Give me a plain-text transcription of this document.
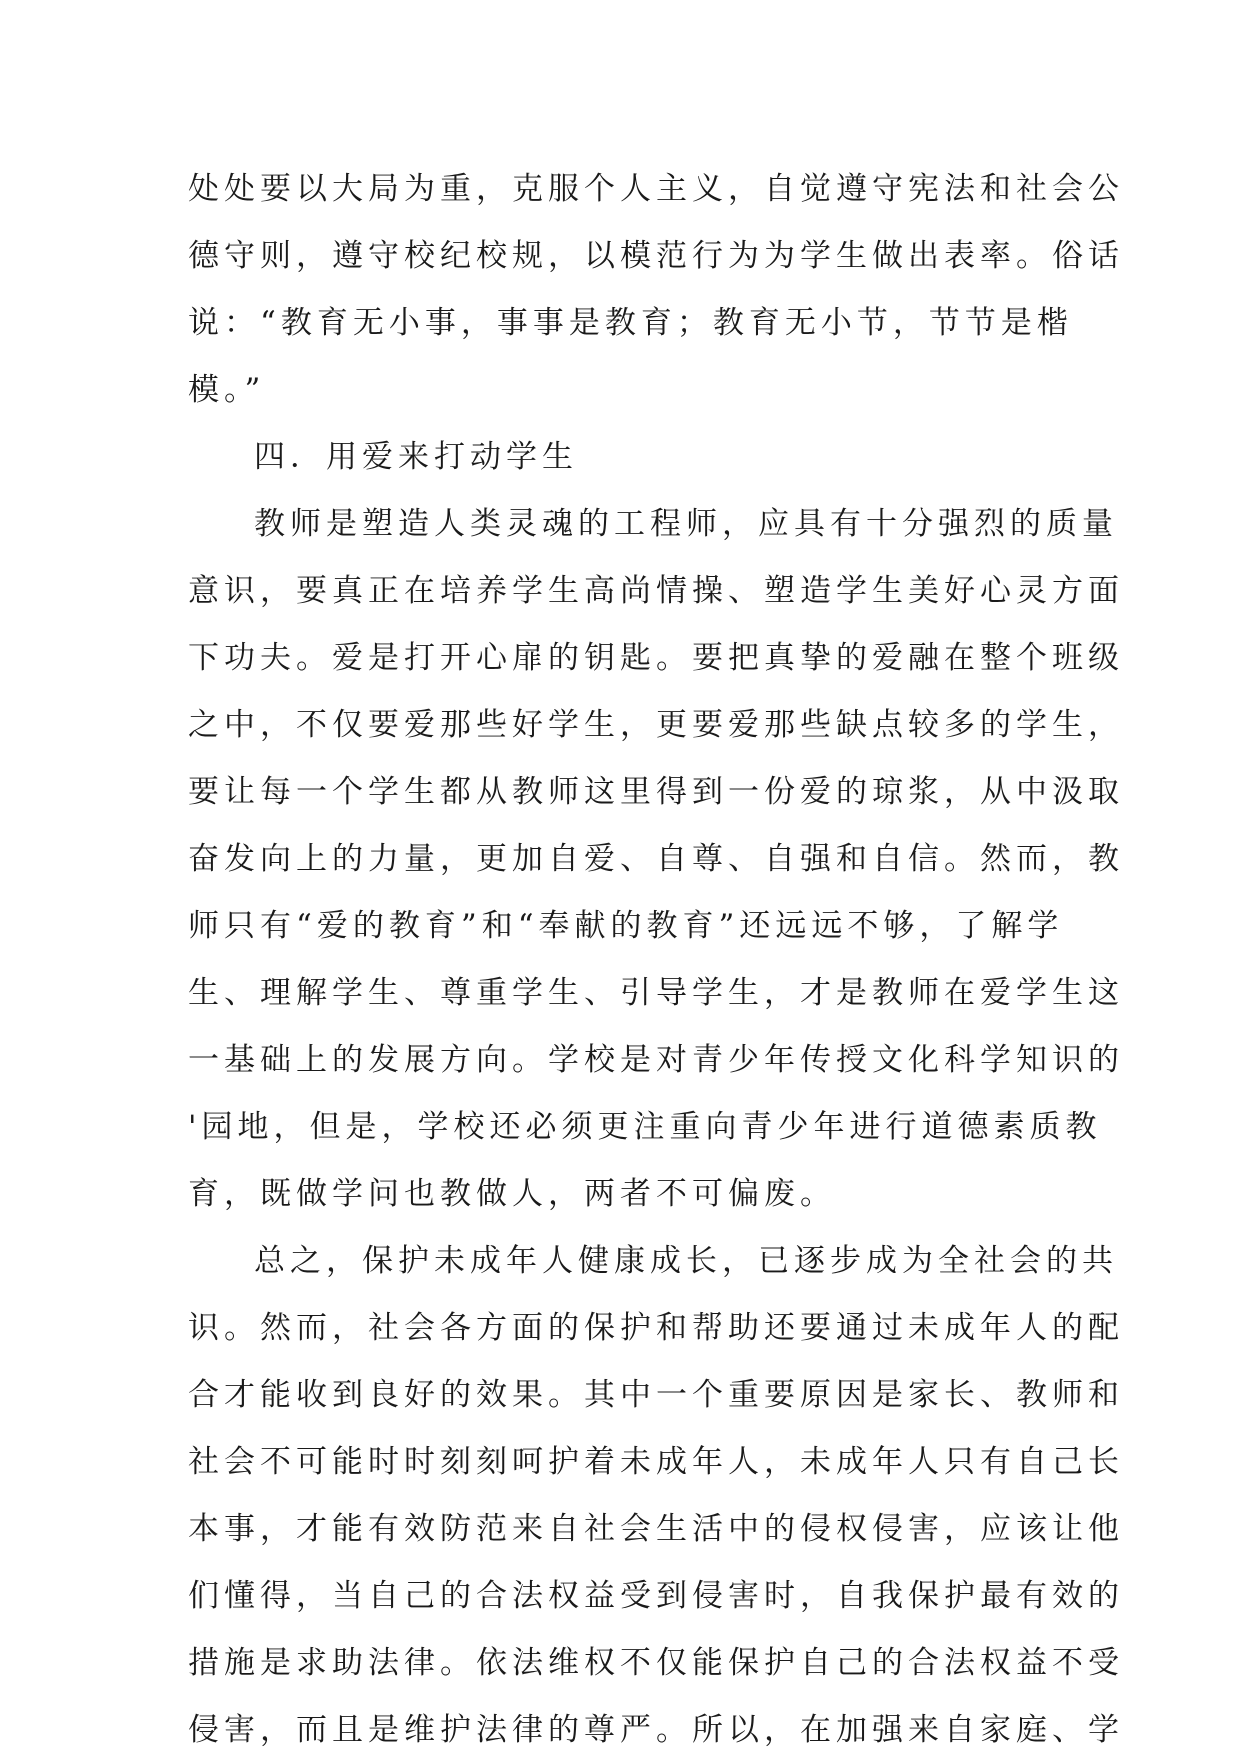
处处要以大局为重，克服个人主义，自觉遵守宪法和社会公
德守则，遵守校纪校规，以模范行为为学生做出表率。俗话
说：“教育无小事，事事是教育；教育无小节，节节是楷
模。”
四．用爱来打动学生
教师是塑造人类灵魂的工程师，应具有十分强烈的质量
意识，要真正在培养学生高尚情操、塑造学生美好心灵方面
下功夫。爱是打开心扉的钥匙。要把真挚的爱融在整个班级
之中，不仅要爱那些好学生，更要爱那些缺点较多的学生，
要让每一个学生都从教师这里得到一份爱的琼浆，从中汲取
奋发向上的力量，更加自爱、自尊、自强和自信。然而，教
师只有“爱的教育”和“奉献的教育”还远远不够，了解学
生、理解学生、尊重学生、引导学生，才是教师在爱学生这
一基础上的发展方向。学校是对青少年传授文化科学知识的
'园地，但是，学校还必须更注重向青少年进行道德素质教
育，既做学问也教做人，两者不可偏废。
总之，保护未成年人健康成长，已逐步成为全社会的共
识。然而，社会各方面的保护和帮助还要通过未成年人的配
合才能收到良好的效果。其中一个重要原因是家长、教师和
社会不可能时时刻刻呵护着未成年人，未成年人只有自己长
本事，才能有效防范来自社会生活中的侵权侵害，应该让他
们懂得，当自己的合法权益受到侵害时，自我保护最有效的
措施是求助法律。依法维权不仅能保护自己的合法权益不受
侵害，而且是维护法律的尊严。所以，在加强来自家庭、学
